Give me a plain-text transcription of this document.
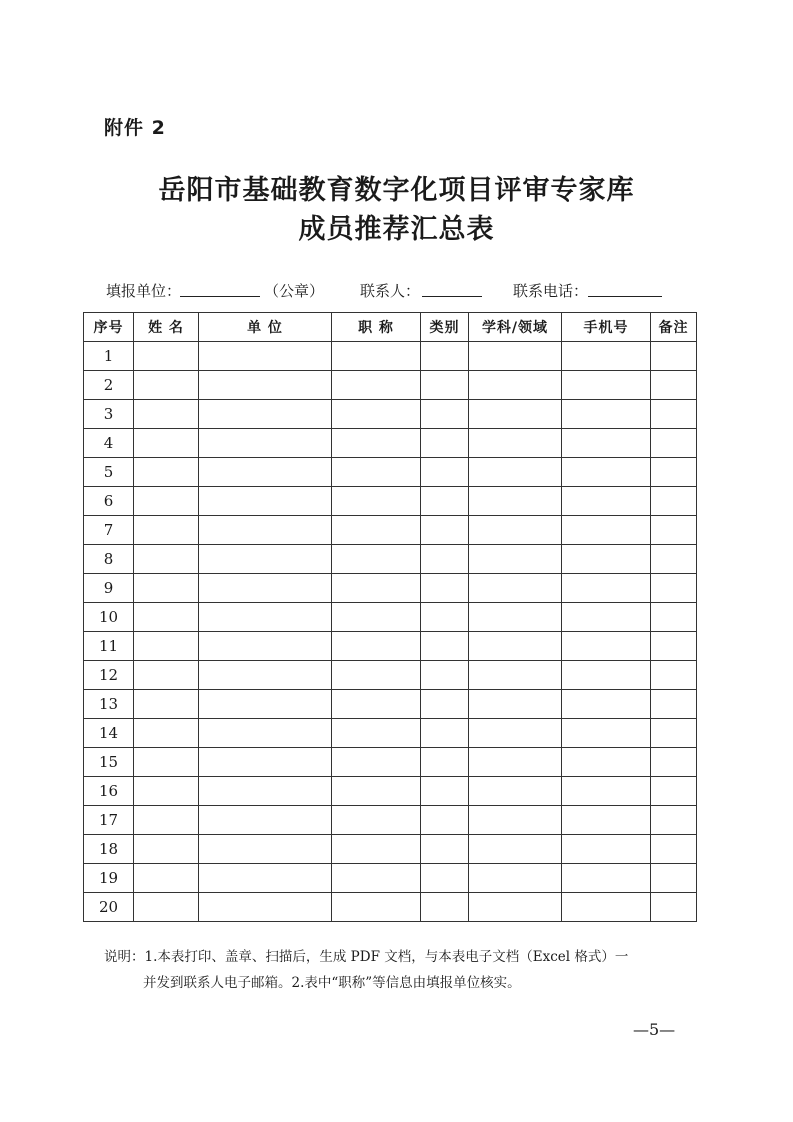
附件 2
岳阳市基础教育数字化项目评审专家库
成员推荐汇总表
填报单位：	（公章） 联系人：	联系电话：
序号	姓 名	单 位	职 称	类别	学科/领域	手机号	备注
1							
2							
3							
4							
5							
6							
7							
8							
9							
10							
11							
12							
13							
14							
15							
16							
17							
18							
19							
20							
说明：1.本表打印、盖章、扫描后，生成 PDF 文档，与本表电子文档（Excel 格式）一
并发到联系人电子邮箱。2.表中“职称”等信息由填报单位核实。
—5—
